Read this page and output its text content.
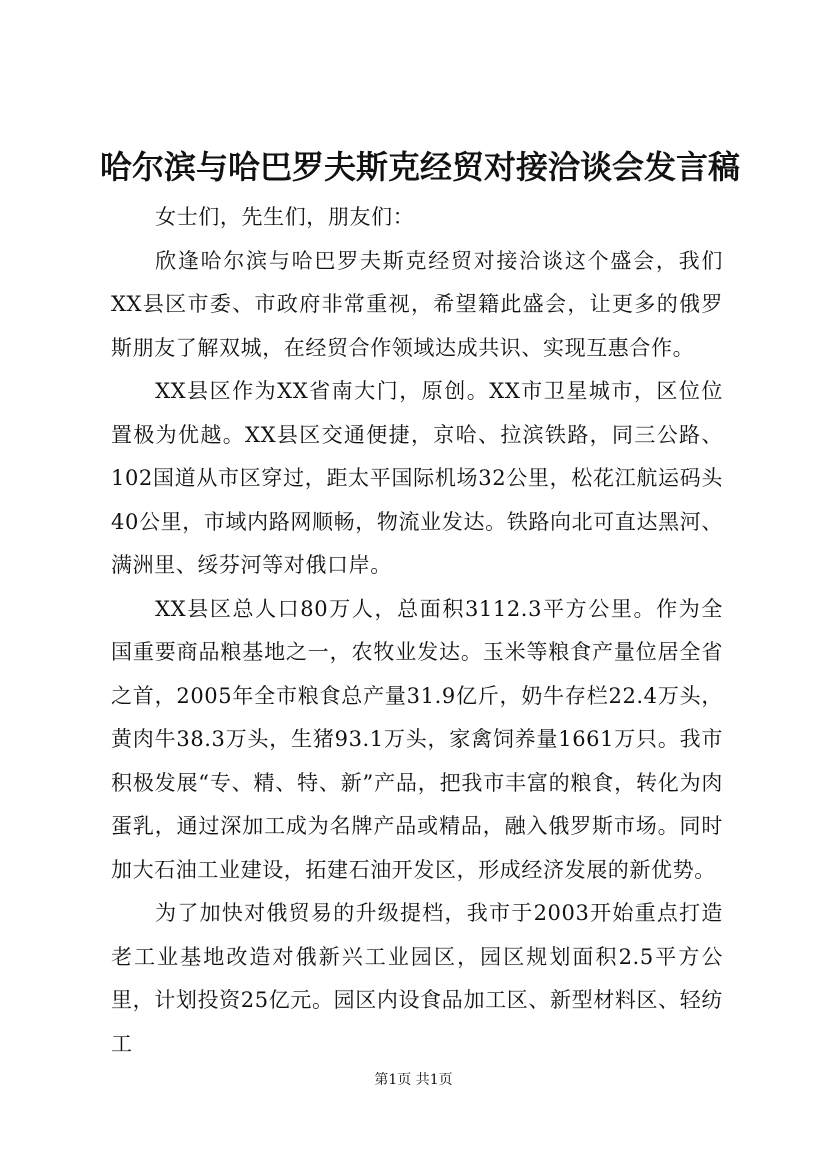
哈尔滨与哈巴罗夫斯克经贸对接洽谈会发言稿

女士们，先生们，朋友们：

欣逢哈尔滨与哈巴罗夫斯克经贸对接洽谈这个盛会，我们XX县区市委、市政府非常重视，希望籍此盛会，让更多的俄罗斯朋友了解双城，在经贸合作领域达成共识、实现互惠合作。

XX县区作为XX省南大门，原创。XX市卫星城市，区位位置极为优越。XX县区交通便捷，京哈、拉滨铁路，同三公路、102国道从市区穿过，距太平国际机场32公里，松花江航运码头40公里，市域内路网顺畅，物流业发达。铁路向北可直达黑河、满洲里、绥芬河等对俄口岸。

XX县区总人口80万人，总面积3112.3平方公里。作为全国重要商品粮基地之一，农牧业发达。玉米等粮食产量位居全省之首，2005年全市粮食总产量31.9亿斤，奶牛存栏22.4万头，黄肉牛38.3万头，生猪93.1万头，家禽饲养量1661万只。我市积极发展“专、精、特、新”产品，把我市丰富的粮食，转化为肉蛋乳，通过深加工成为名牌产品或精品，融入俄罗斯市场。同时加大石油工业建设，拓建石油开发区，形成经济发展的新优势。

为了加快对俄贸易的升级提档，我市于2003开始重点打造老工业基地改造对俄新兴工业园区，园区规划面积2.5平方公里，计划投资25亿元。园区内设食品加工区、新型材料区、轻纺工

第1页 共1页
